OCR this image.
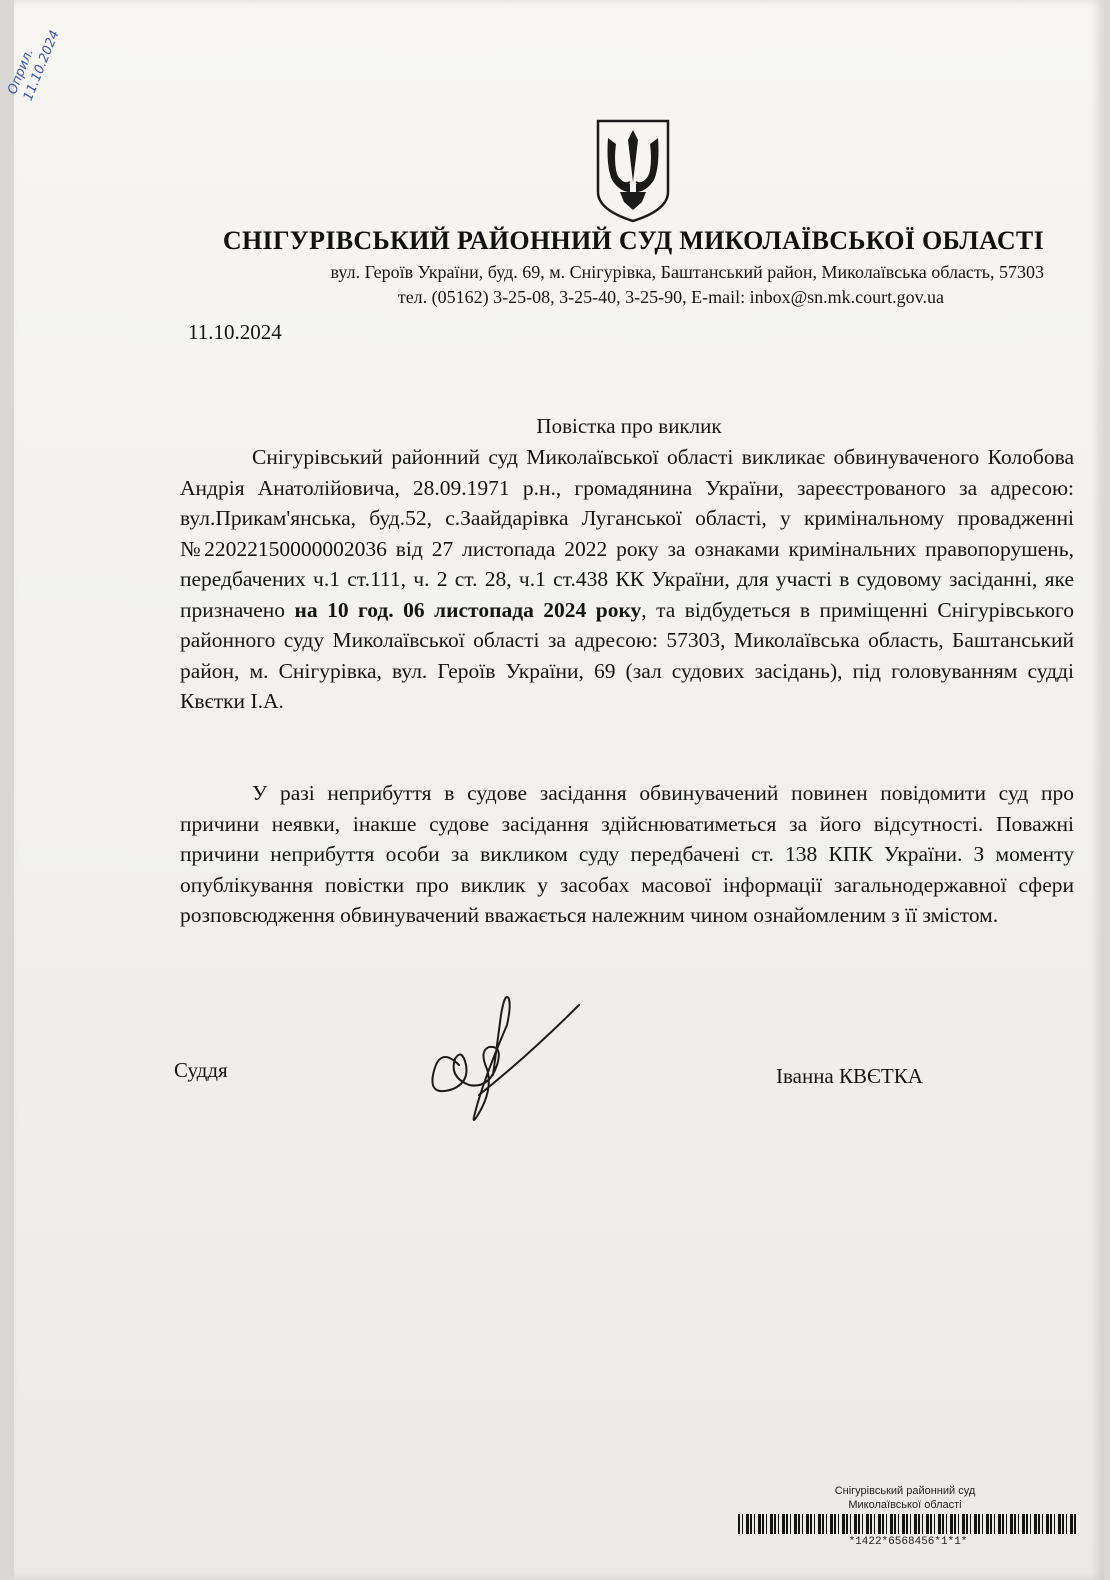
Оприл. 11.10.2024
СНІГУРІВСЬКИЙ РАЙОННИЙ СУД МИКОЛАЇВСЬКОЇ ОБЛАСТІ
вул. Героїв України, буд. 69, м. Снігурівка, Баштанський район, Миколаївська область, 57303
тел. (05162) 3-25-08, 3-25-40, 3-25-90, E-mail: inbox@sn.mk.court.gov.ua
11.10.2024
Повістка про виклик
Снігурівський районний суд Миколаївської області викликає обвинуваченого Колобова Андрія Анатолійовича, 28.09.1971 р.н., громадянина України, зареєстрованого за адресою: вул.Прикам'янська, буд.52, с.Заайдарівка Луганської області, у кримінальному провадженні №22022150000002036 від 27 листопада 2022 року за ознаками кримінальних правопорушень, передбачених ч.1 ст.111, ч. 2 ст. 28, ч.1 ст.438 КК України, для участі в судовому засіданні, яке призначено на 10 год. 06 листопада 2024 року, та відбудеться в приміщенні Снігурівського районного суду Миколаївської області за адресою: 57303, Миколаївська область, Баштанський район, м. Снігурівка, вул. Героїв України, 69 (зал судових засідань), під головуванням судді Квєтки І.А.
У разі неприбуття в судове засідання обвинувачений повинен повідомити суд про причини неявки, інакше судове засідання здійснюватиметься за його відсутності. Поважні причини неприбуття особи за викликом суду передбачені ст. 138 КПК України. З моменту опублікування повістки про виклик у засобах масової інформації загальнодержавної сфери розповсюдження обвинувачений вважається належним чином ознайомленим з її змістом.
Суддя	Іванна КВЄТКА
Снігурівський районний суд
Миколаївської області
*1422*6568456*1*1*
